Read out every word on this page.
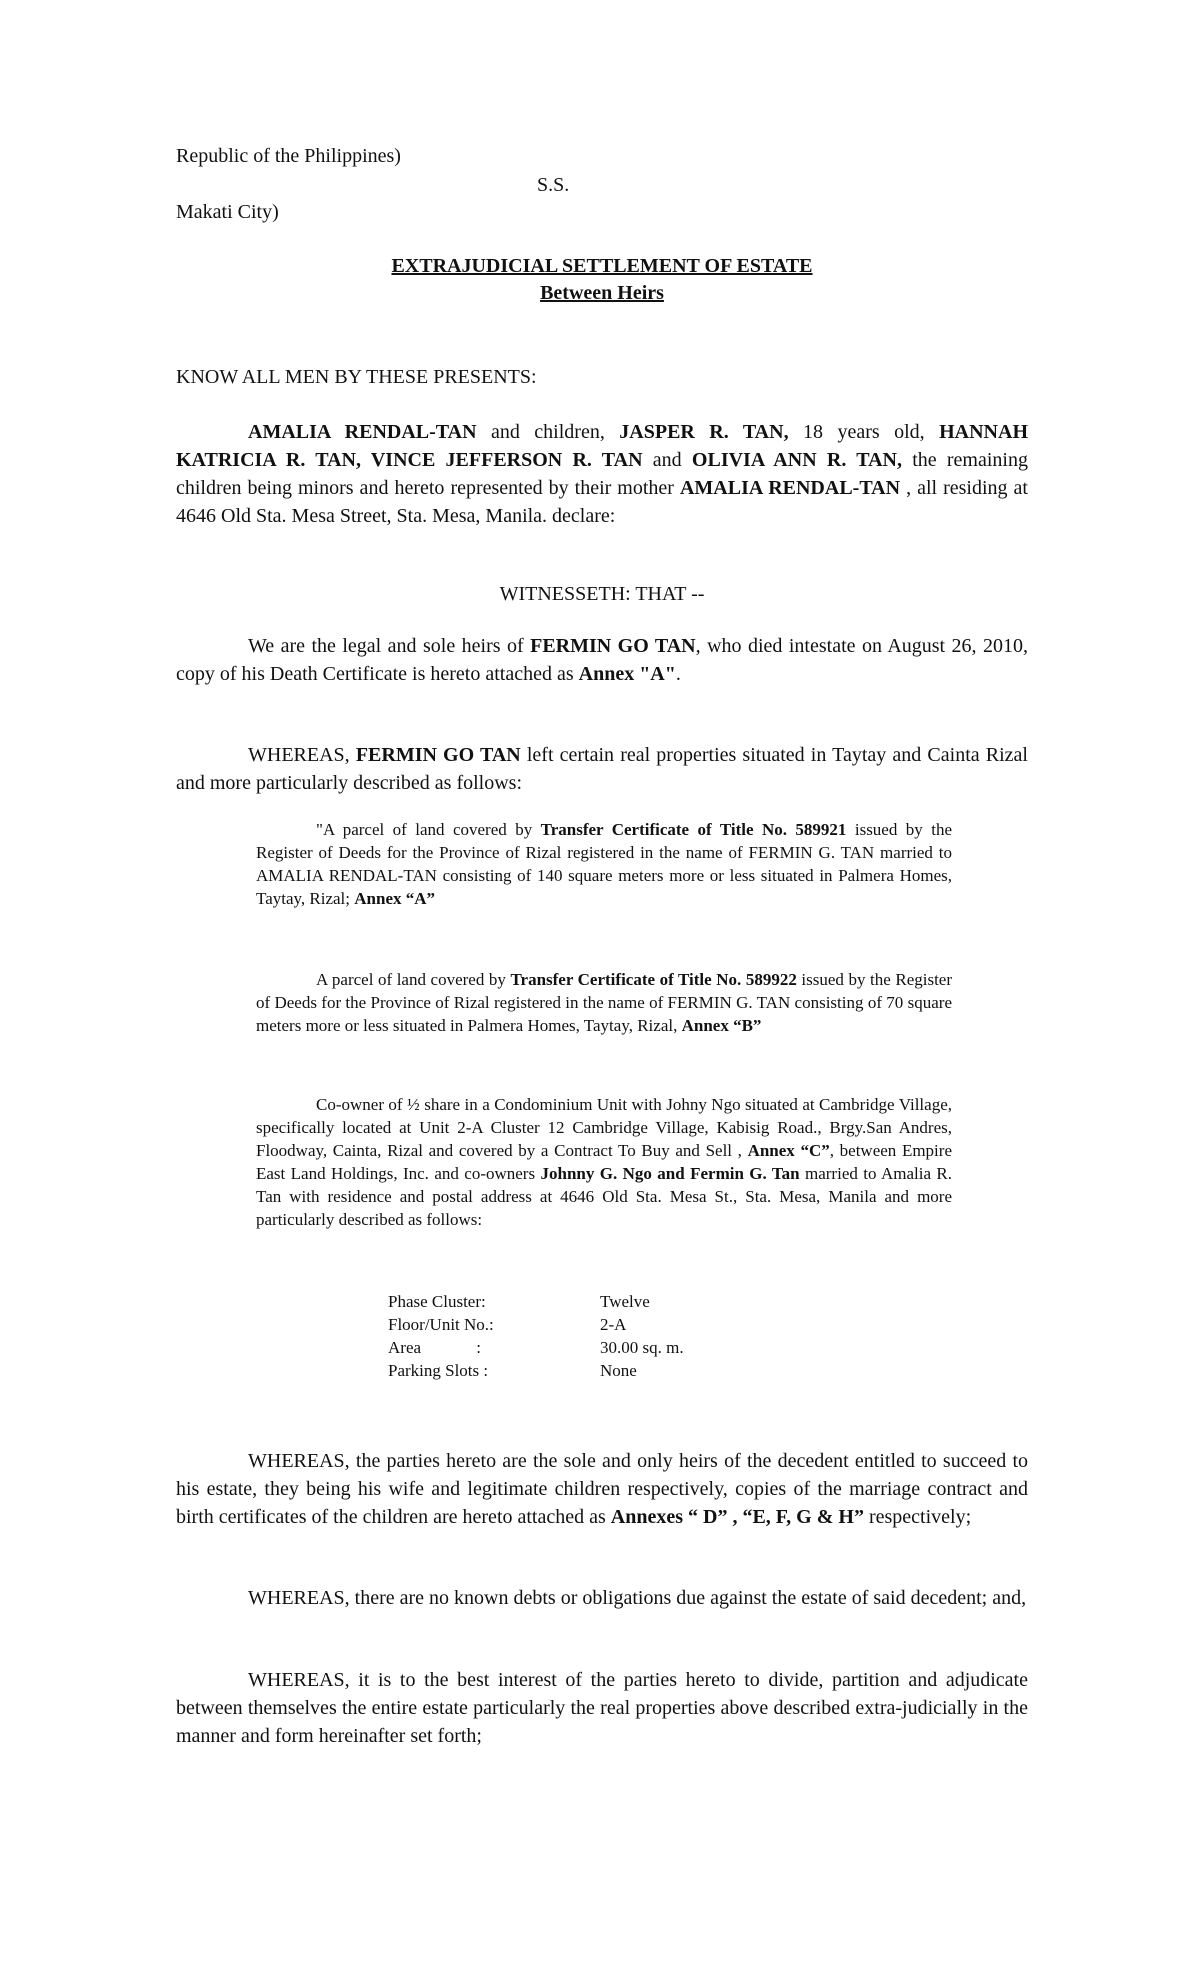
Republic of the Philippines)
S.S.
Makati City)
EXTRAJUDICIAL SETTLEMENT OF ESTATE
Between Heirs
KNOW ALL MEN BY THESE PRESENTS:
AMALIA RENDAL-TAN and children, JASPER R. TAN, 18 years old, HANNAH KATRICIA R. TAN, VINCE JEFFERSON R. TAN and OLIVIA ANN R. TAN, the remaining children being minors and hereto represented by their mother AMALIA RENDAL-TAN , all residing at 4646 Old Sta. Mesa Street, Sta. Mesa, Manila. declare:
WITNESSETH: THAT --
We are the legal and sole heirs of FERMIN GO TAN, who died intestate on August 26, 2010, copy of his Death Certificate is hereto attached as Annex "A".
WHEREAS, FERMIN GO TAN left certain real properties situated in Taytay and Cainta Rizal and more particularly described as follows:
"A parcel of land covered by Transfer Certificate of Title No. 589921 issued by the Register of Deeds for the Province of Rizal registered in the name of FERMIN G. TAN married to AMALIA RENDAL-TAN consisting of 140 square meters more or less situated in Palmera Homes, Taytay, Rizal; Annex “A”
A parcel of land covered by Transfer Certificate of Title No. 589922 issued by the Register of Deeds for the Province of Rizal registered in the name of FERMIN G. TAN consisting of 70 square meters more or less situated in Palmera Homes, Taytay, Rizal, Annex “B”
Co-owner of ½ share in a Condominium Unit with Johny Ngo situated at Cambridge Village, specifically located at Unit 2-A Cluster 12 Cambridge Village, Kabisig Road., Brgy.San Andres, Floodway, Cainta, Rizal and covered by a Contract To Buy and Sell , Annex “C”, between Empire East Land Holdings, Inc. and co-owners Johnny G. Ngo and Fermin G. Tan married to Amalia R. Tan with residence and postal address at 4646 Old Sta. Mesa St., Sta. Mesa, Manila and more particularly described as follows:
Phase Cluster:	Twelve
Floor/Unit No.:	2-A
Area             :	30.00 sq. m.
Parking Slots :	None
WHEREAS, the parties hereto are the sole and only heirs of the decedent entitled to succeed to his estate, they being his wife and legitimate children respectively, copies of the marriage contract and birth certificates of the children are hereto attached as Annexes “ D” , “E, F, G & H” respectively;
WHEREAS, there are no known debts or obligations due against the estate of said decedent; and,
WHEREAS, it is to the best interest of the parties hereto to divide, partition and adjudicate between themselves the entire estate particularly the real properties above described extra-judicially in the manner and form hereinafter set forth;
